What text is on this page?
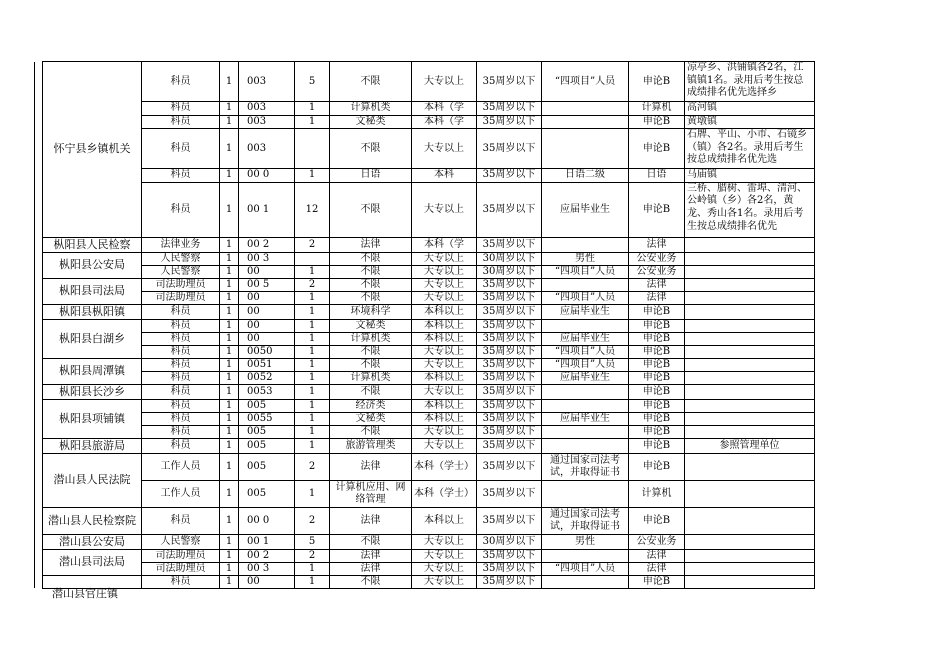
	怀宁县乡镇机关	科员	1	003	5	不限	大专以上	35周岁以下	“四项目”人员	申论B	凉亭乡、洪铺镇各2名，江镇镇1名。录用后考生按总成绩排名优先选择乡
		科员	1	003	1	计算机类	本科（学	35周岁以下		计算机	高河镇
		科员	1	003	1	文秘类	本科（学	35周岁以下		申论B	黄墩镇
		科员	1	003		不限	大专以上	35周岁以下		申论B	石牌、平山、小市、石镜乡（镇）各2名。录用后考生按总成绩排名优先选
		科员	1	00 0	1	日语	本科	35周岁以下	日语二级	日语	马庙镇
		科员	1	00 1	12	不限	大专以上	35周岁以下	应届毕业生	申论B	三桥、腊树、雷埠、清河、公岭镇（乡）各2名，黄龙、秀山各1名。录用后考生按总成绩排名优先
	枞阳县人民检察	法律业务	1	00 2	2	法律	本科（学	35周岁以下		法律	
	枞阳县公安局	人民警察	1	00 3		不限	大专以上	30周岁以下	男性	公安业务	
		人民警察	1	00	1	不限	大专以上	30周岁以下	“四项目”人员	公安业务	
	枞阳县司法局	司法助理员	1	00 5	2	不限	大专以上	35周岁以下		法律	
		司法助理员	1	00	1	不限	大专以上	35周岁以下	“四项目”人员	法律	
	枞阳县枞阳镇	科员	1	00	1	环境科学	本科以上	35周岁以下	应届毕业生	申论B	
	枞阳县白湖乡	科员	1	00	1	文秘类	本科以上	35周岁以下		申论B	
		科员	1	00	1	计算机类	本科以上	35周岁以下	应届毕业生	申论B	
		科员	1	0050	1	不限	大专以上	35周岁以下	“四项目”人员	申论B	
	枞阳县周潭镇	科员	1	0051	1	不限	大专以上	35周岁以下	“四项目”人员	申论B	
		科员	1	0052	1	计算机类	本科以上	35周岁以下	应届毕业生	申论B	
	枞阳县长沙乡	科员	1	0053	1	不限	大专以上	35周岁以下		申论B	
	枞阳县项铺镇	科员	1	005	1	经济类	本科以上	35周岁以下		申论B	
		科员	1	0055	1	文秘类	本科以上	35周岁以下	应届毕业生	申论B	
		科员	1	005	1	不限	大专以上	35周岁以下		申论B	
	枞阳县旅游局	科员	1	005	1	旅游管理类	大专以上	35周岁以下		申论B	参照管理单位
	潜山县人民法院	工作人员	1	005	2	法律	本科（学士）	35周岁以下	通过国家司法考试，并取得证书	申论B	
		工作人员	1	005	1	计算机应用、网络管理	本科（学士）	35周岁以下		计算机	
	潜山县人民检察院	科员	1	00 0	2	法律	本科以上	35周岁以下	通过国家司法考试，并取得证书	申论B	
	潜山县公安局	人民警察	1	00 1	5	不限	大专以上	30周岁以下	男性	公安业务	
	潜山县司法局	司法助理员	1	00 2	2	法律	大专以上	35周岁以下		法律	
		司法助理员	1	00 3	1	法律	大专以上	35周岁以下	“四项目”人员	法律	
		科员	1	00	1	不限	大专以上	35周岁以下		申论B	
潜山县官庄镇
